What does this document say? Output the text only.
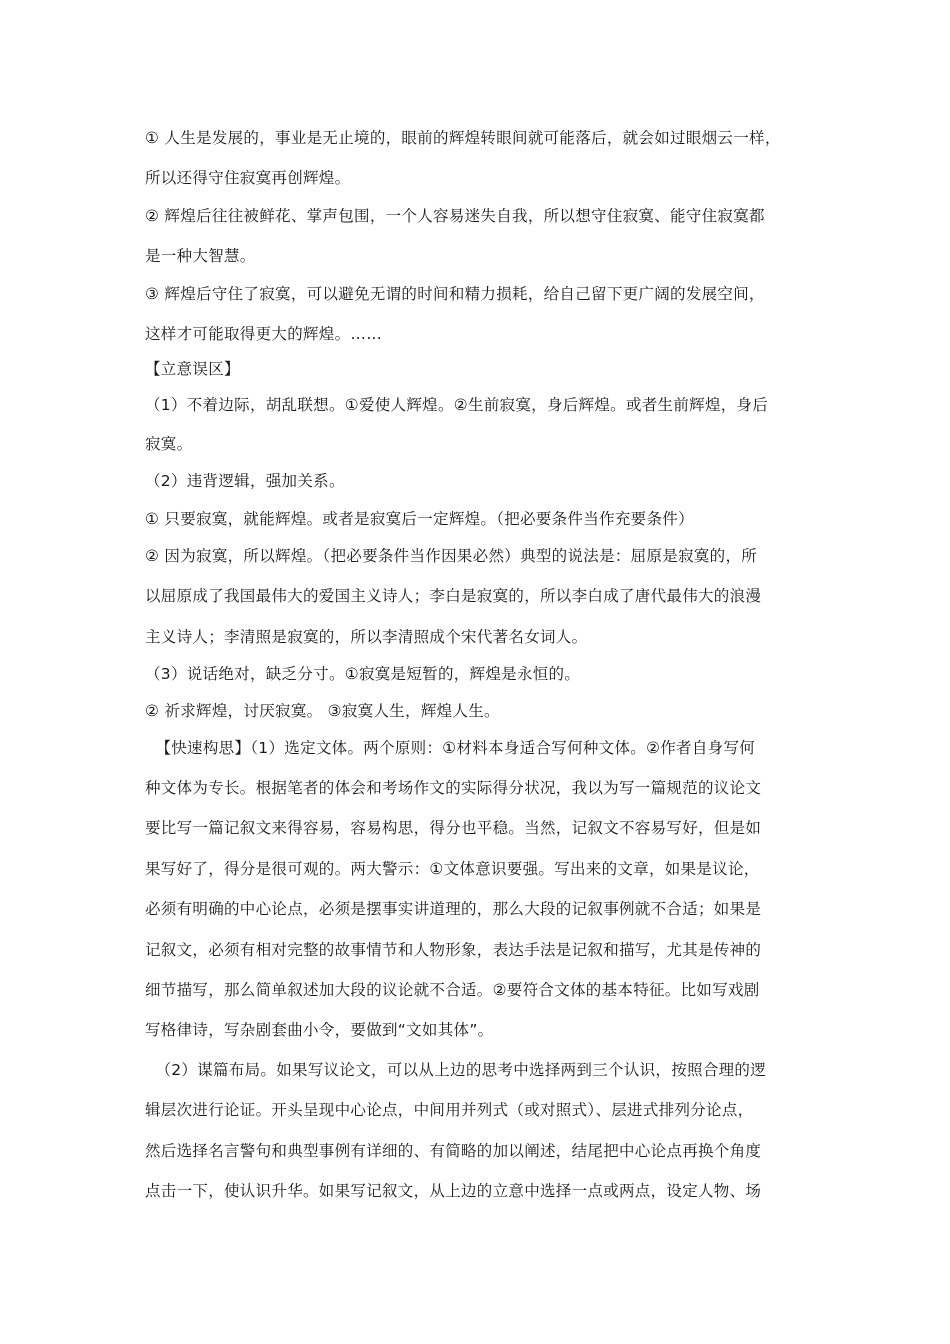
① 人生是发展的，事业是无止境的，眼前的辉煌转眼间就可能落后，就会如过眼烟云一样，
所以还得守住寂寞再创辉煌。
② 辉煌后往往被鲜花、掌声包围，一个人容易迷失自我，所以想守住寂寞、能守住寂寞都
是一种大智慧。
③ 辉煌后守住了寂寞，可以避免无谓的时间和精力损耗，给自己留下更广阔的发展空间，
这样才可能取得更大的辉煌。……
【立意误区】
（1）不着边际，胡乱联想。①爱使人辉煌。②生前寂寞，身后辉煌。或者生前辉煌，身后
寂寞。
（2）违背逻辑，强加关系。
① 只要寂寞，就能辉煌。或者是寂寞后一定辉煌。（把必要条件当作充要条件）
② 因为寂寞，所以辉煌。（把必要条件当作因果必然）典型的说法是：屈原是寂寞的，所
以屈原成了我国最伟大的爱国主义诗人；李白是寂寞的，所以李白成了唐代最伟大的浪漫
主义诗人；李清照是寂寞的，所以李清照成个宋代著名女词人。
（3）说话绝对，缺乏分寸。①寂寞是短暂的，辉煌是永恒的。
② 祈求辉煌，讨厌寂寞。 ③寂寞人生，辉煌人生。
【快速构思】（1）选定文体。两个原则：①材料本身适合写何种文体。②作者自身写何
种文体为专长。根据笔者的体会和考场作文的实际得分状况，我以为写一篇规范的议论文
要比写一篇记叙文来得容易，容易构思，得分也平稳。当然，记叙文不容易写好，但是如
果写好了，得分是很可观的。两大警示：①文体意识要强。写出来的文章，如果是议论，
必须有明确的中心论点，必须是摆事实讲道理的，那么大段的记叙事例就不合适；如果是
记叙文，必须有相对完整的故事情节和人物形象，表达手法是记叙和描写，尤其是传神的
细节描写，那么简单叙述加大段的议论就不合适。②要符合文体的基本特征。比如写戏剧
写格律诗，写杂剧套曲小令，要做到“文如其体”。
（2）谋篇布局。如果写议论文，可以从上边的思考中选择两到三个认识，按照合理的逻
辑层次进行论证。开头呈现中心论点，中间用并列式（或对照式）、层进式排列分论点，
然后选择名言警句和典型事例有详细的、有简略的加以阐述，结尾把中心论点再换个角度
点击一下，使认识升华。如果写记叙文，从上边的立意中选择一点或两点，设定人物、场
